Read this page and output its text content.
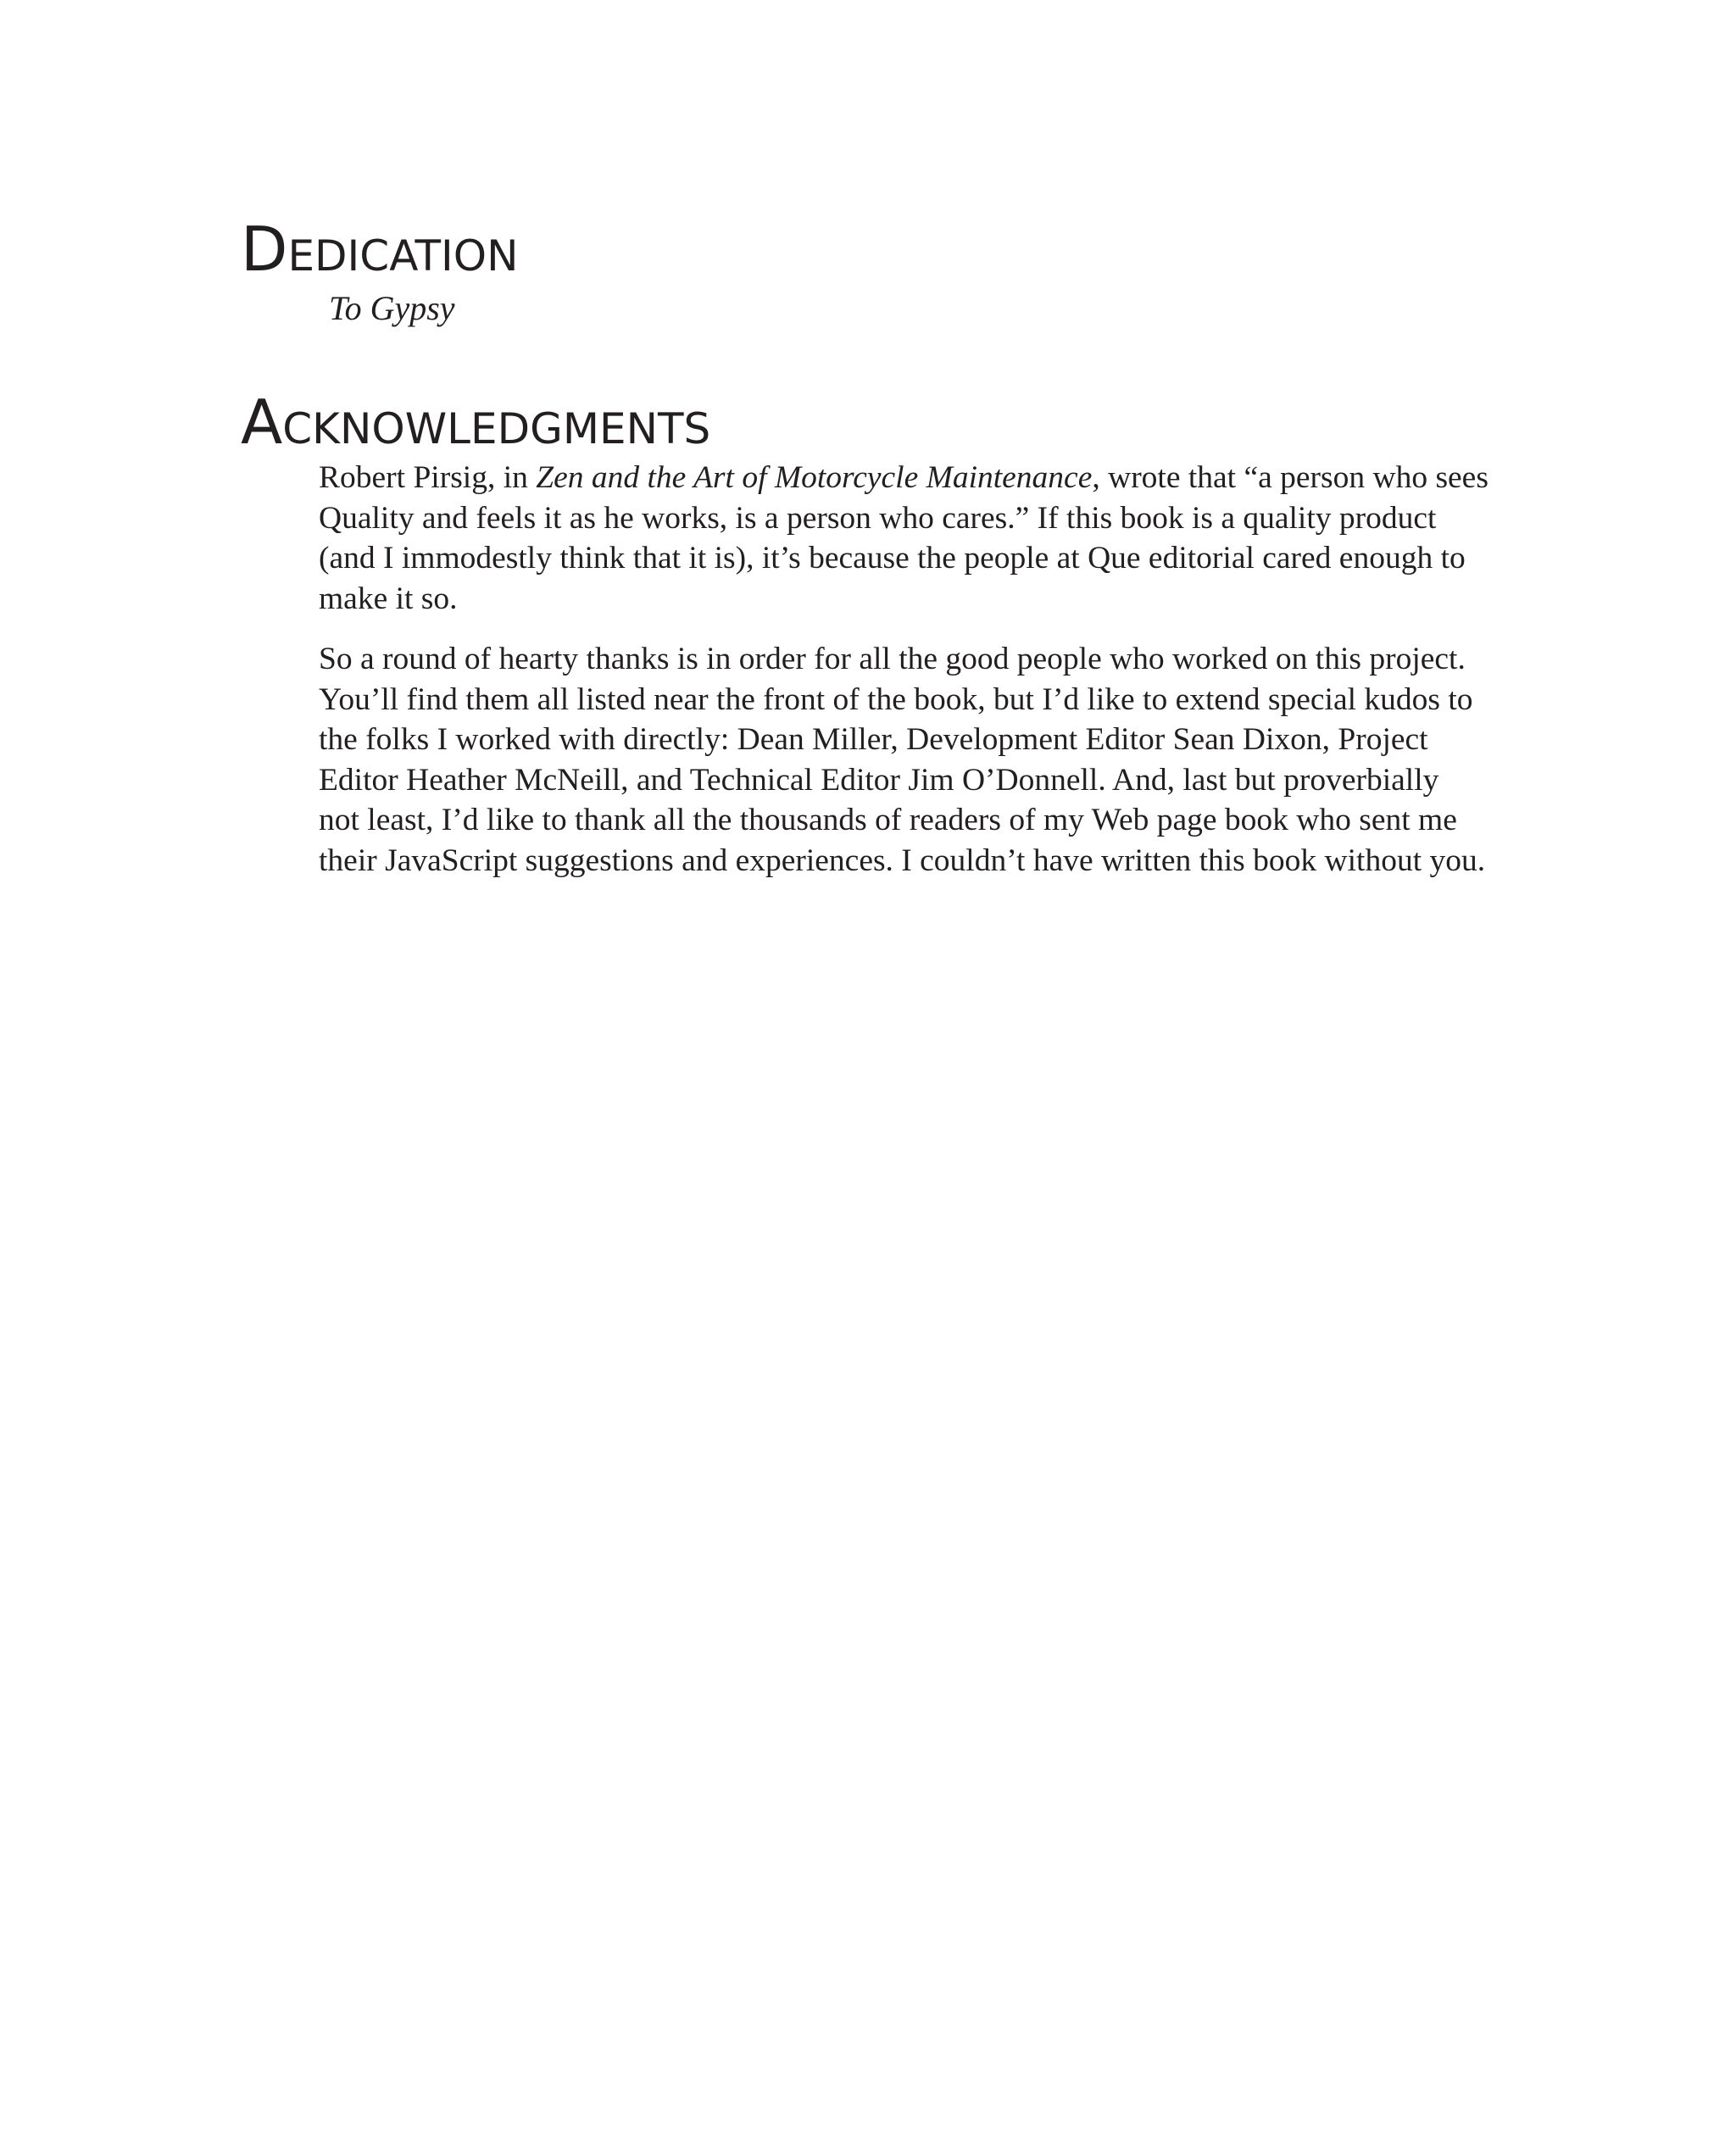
Dedication

To Gypsy

Acknowledgments

Robert Pirsig, in Zen and the Art of Motorcycle Maintenance, wrote that “a person who sees
Quality and feels it as he works, is a person who cares.” If this book is a quality product
(and I immodestly think that it is), it’s because the people at Que editorial cared enough to
make it so.

So a round of hearty thanks is in order for all the good people who worked on this project.
You’ll find them all listed near the front of the book, but I’d like to extend special kudos to
the folks I worked with directly: Dean Miller, Development Editor Sean Dixon, Project
Editor Heather McNeill, and Technical Editor Jim O’Donnell. And, last but proverbially
not least, I’d like to thank all the thousands of readers of my Web page book who sent me
their JavaScript suggestions and experiences. I couldn’t have written this book without you.
